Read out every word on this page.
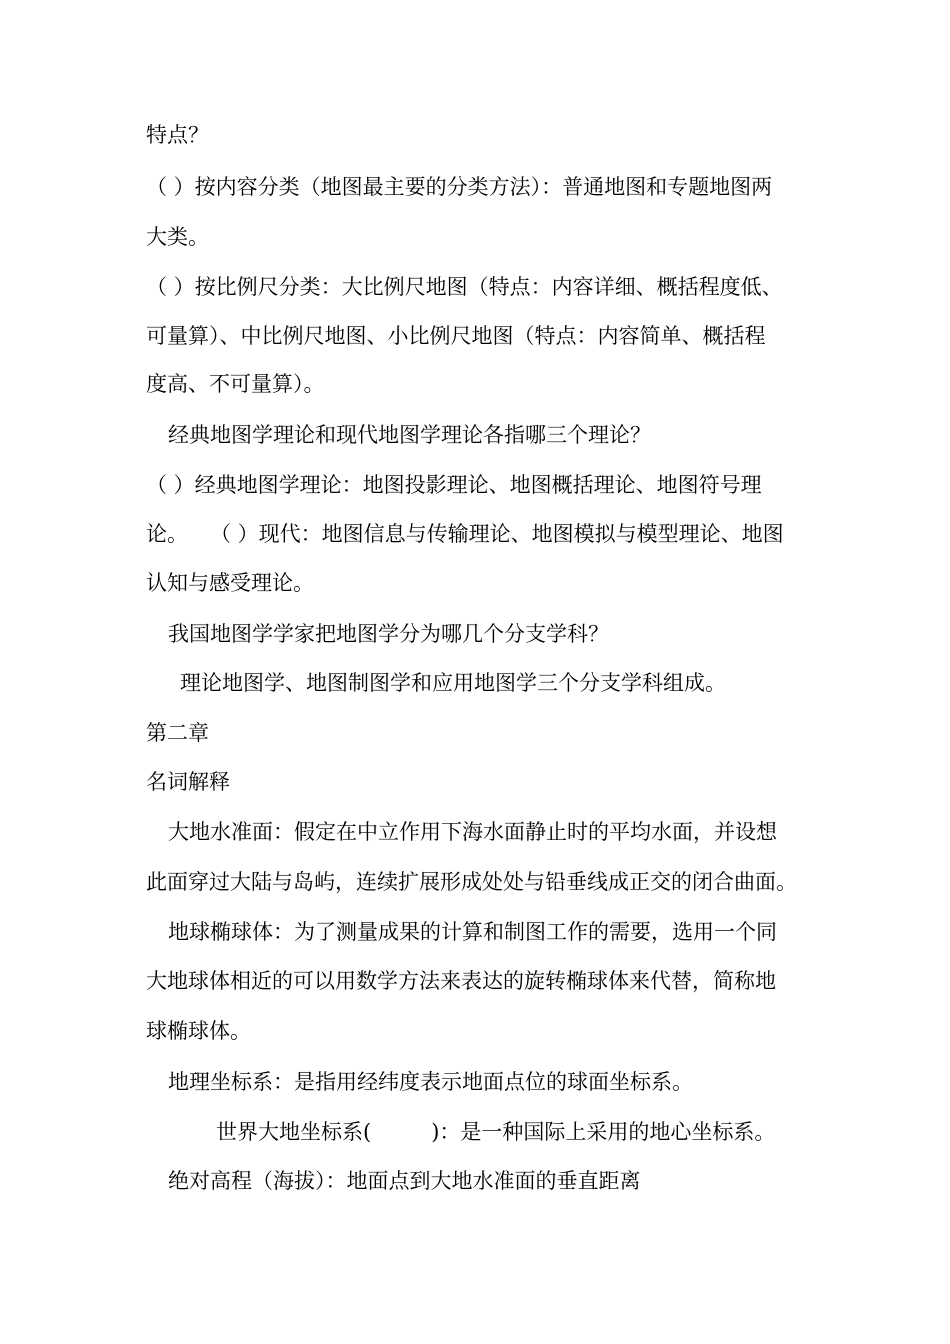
特点？
（ ）按内容分类（地图最主要的分类方法）：普通地图和专题地图两
大类。
（ ）按比例尺分类：大比例尺地图（特点：内容详细、概括程度低、
可量算）、中比例尺地图、小比例尺地图（特点：内容简单、概括程
度高、不可量算）。
经典地图学理论和现代地图学理论各指哪三个理论？
（ ）经典地图学理论：地图投影理论、地图概括理论、地图符号理
论。 （ ）现代：地图信息与传输理论、地图模拟与模型理论、地图
认知与感受理论。
我国地图学学家把地图学分为哪几个分支学科？
理论地图学、地图制图学和应用地图学三个分支学科组成。
第二章
名词解释
大地水准面：假定在中立作用下海水面静止时的平均水面，并设想
此面穿过大陆与岛屿，连续扩展形成处处与铅垂线成正交的闭合曲面。
地球椭球体：为了测量成果的计算和制图工作的需要，选用一个同
大地球体相近的可以用数学方法来表达的旋转椭球体来代替，简称地
球椭球体。
地理坐标系：是指用经纬度表示地面点位的球面坐标系。
世界大地坐标系(	)：是一种国际上采用的地心坐标系。
绝对高程（海拔）：地面点到大地水准面的垂直距离
